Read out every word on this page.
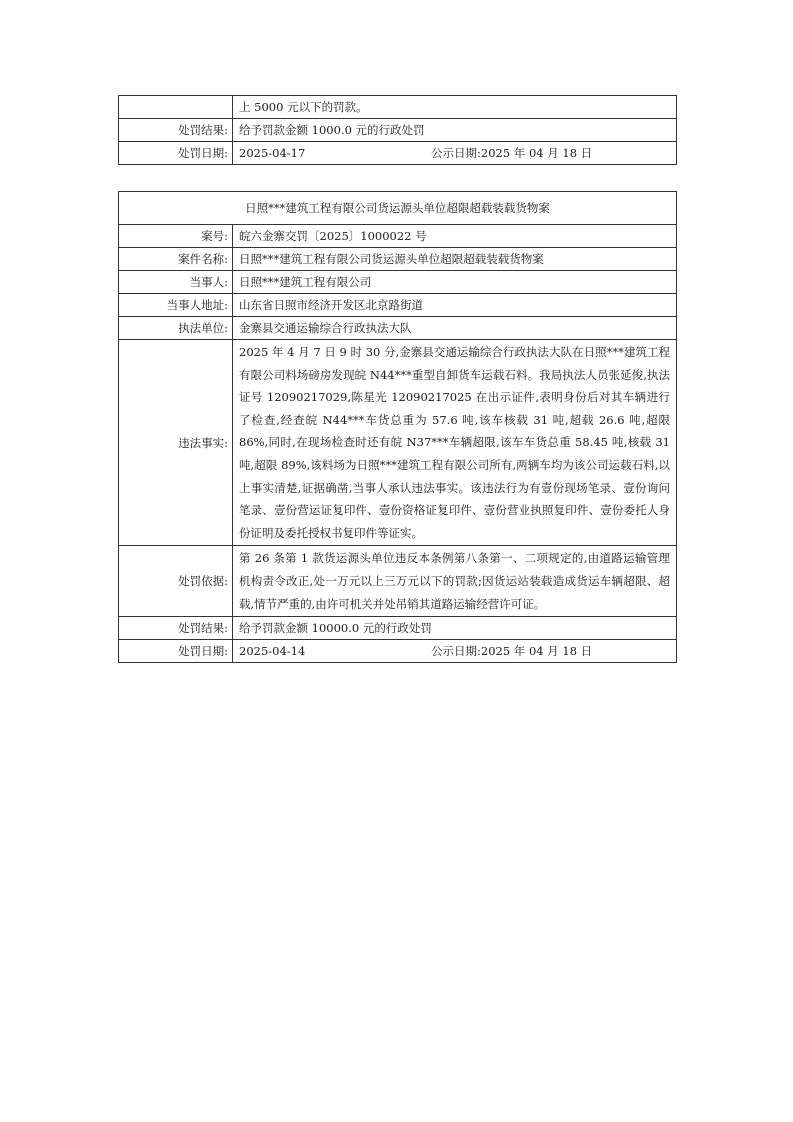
	上 5000 元以下的罚款。
处罚结果:	给予罚款金额 1000.0 元的行政处罚
处罚日期:	2025-04-17 公示日期: 2025 年 04 月 18 日
日照***建筑工程有限公司货运源头单位超限超载装载货物案	
案号:	皖六金寨交罚〔2025〕1000022 号
案件名称:	日照***建筑工程有限公司货运源头单位超限超载装载货物案
当事人:	日照***建筑工程有限公司
当事人地址:	山东省日照市经济开发区北京路街道
执法单位:	金寨县交通运输综合行政执法大队
违法事实:	2025 年 4 月 7 日 9 时 30 分,金寨县交通运输综合行政执法大队在日照***建筑工程有限公司料场磅房发现皖 N44***重型自卸货车运载石料。我局执法人员张延俊,执法证号 12090217029,陈星光 12090217025 在出示证件,表明身份后对其车辆进行了检查,经查皖 N44***车货总重为 57.6 吨,该车核载 31 吨,超载 26.6 吨,超限 86%,同时,在现场检查时还有皖 N37***车辆超限,该车车货总重 58.45 吨,核载 31 吨,超限 89%,该料场为日照***建筑工程有限公司所有,两辆车均为该公司运载石料,以上事实清楚,证据确凿,当事人承认违法事实。该违法行为有壹份现场笔录、壹份询问笔录、壹份营运证复印件、壹份资格证复印件、壹份营业执照复印件、壹份委托人身份证明及委托授权书复印件等证实。
处罚依据:	第 26 条第 1 款货运源头单位违反本条例第八条第一、二项规定的,由道路运输管理机构责令改正,处一万元以上三万元以下的罚款;因货运站装载造成货运车辆超限、超载,情节严重的,由许可机关并处吊销其道路运输经营许可证。
处罚结果:	给予罚款金额 10000.0 元的行政处罚
处罚日期:	2025-04-14 公示日期: 2025 年 04 月 18 日
